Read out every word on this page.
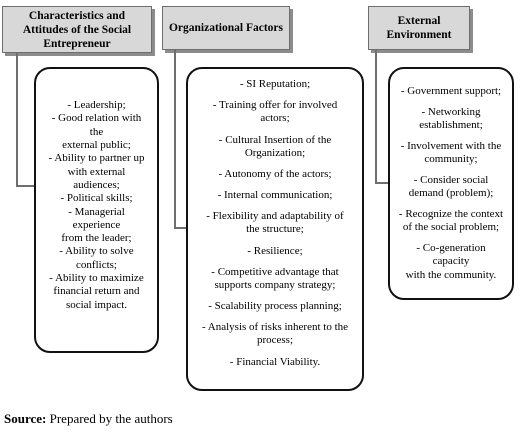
Characteristics and
Attitudes of the Social
Entrepreneur
Organizational Factors
External
Environment
- Leadership;
- Good relation with the
external public;
- Ability to partner up
with external audiences;
- Political skills;
- Managerial experience
from the leader;
- Ability to solve
conflicts;
- Ability to maximize
financial return and
social impact.
- SI Reputation;
- Training offer for involved
actors;
- Cultural Insertion of the
Organization;
- Autonomy of the actors;
- Internal communication;
- Flexibility and adaptability of
the structure;
- Resilience;
- Competitive advantage that
supports company strategy;
- Scalability process planning;
- Analysis of risks inherent to the
process;
- Financial Viability.
- Government support;
- Networking
establishment;
- Involvement with the
community;
- Consider social
demand (problem);
- Recognize the context
of the social problem;
- Co-generation capacity
with the community.
Source: Prepared by the authors
